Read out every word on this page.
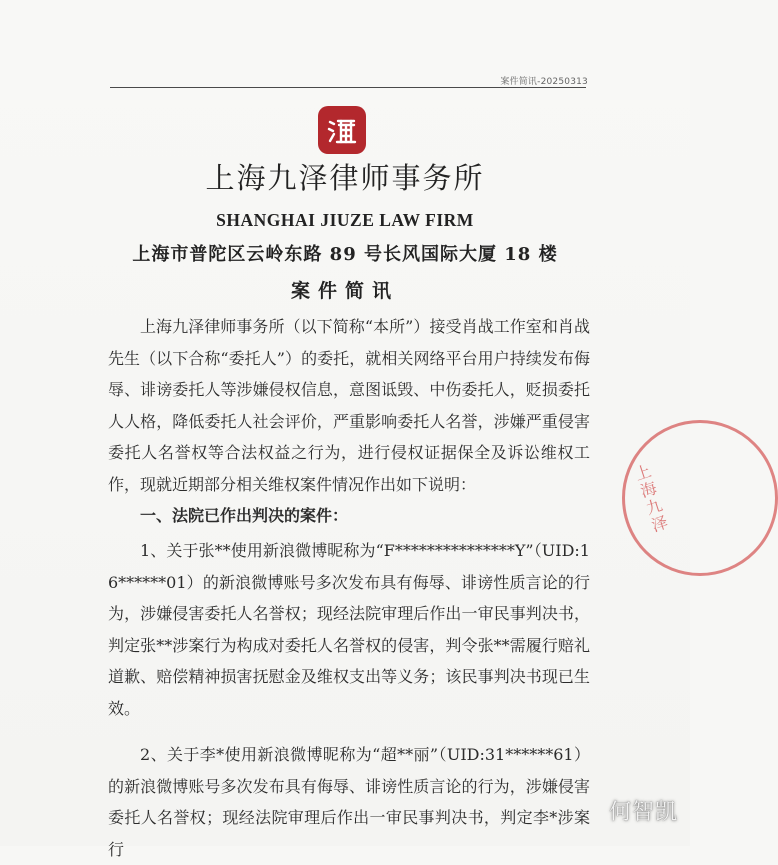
案件简讯-20250313
上海九泽律师事务所
SHANGHAI JIUZE LAW FIRM
上海市普陀区云岭东路 89 号长风国际大厦 18 楼
案件简讯
上海九泽律师事务所（以下简称“本所”）接受肖战工作室和肖战先生（以下合称“委托人”）的委托，就相关网络平台用户持续发布侮辱、诽谤委托人等涉嫌侵权信息，意图诋毁、中伤委托人，贬损委托人人格，降低委托人社会评价，严重影响委托人名誉，涉嫌严重侵害委托人名誉权等合法权益之行为，进行侵权证据保全及诉讼维权工作，现就近期部分相关维权案件情况作出如下说明：
一、法院已作出判决的案件：
1、关于张**使用新浪微博昵称为“F***************Y”（UID:16******01）的新浪微博账号多次发布具有侮辱、诽谤性质言论的行为，涉嫌侵害委托人名誉权；现经法院审理后作出一审民事判决书，判定张**涉案行为构成对委托人名誉权的侵害，判令张**需履行赔礼道歉、赔偿精神损害抚慰金及维权支出等义务；该民事判决书现已生效。
2、关于李*使用新浪微博昵称为“超**丽”（UID:31******61）的新浪微博账号多次发布具有侮辱、诽谤性质言论的行为，涉嫌侵害委托人名誉权；现经法院审理后作出一审民事判决书，判定李*涉案行
上海九泽
何智凯
